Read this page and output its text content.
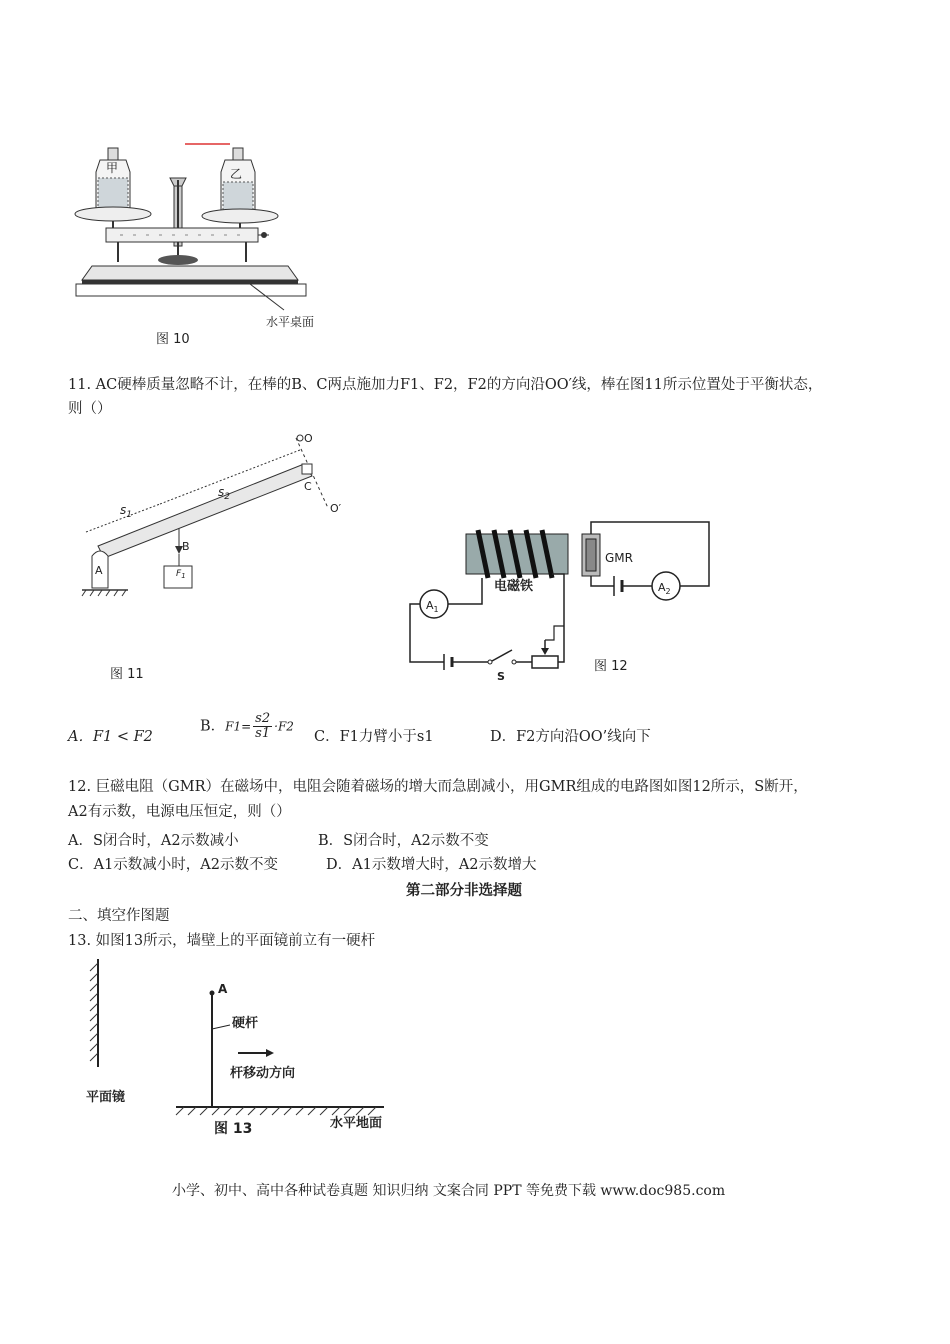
甲	乙
水平桌面
图 10
11. AC硬棒质量忽略不计，在棒的B、C两点施加力F1、F2，F2的方向沿OO′线，棒在图11所示位置处于平衡状态，
则（）
O
O′
C
$s_1$
$s_2$
B
$F_1$
A
图 11
电磁铁
GMR
$A_2$
$A_1$
S
图 12
A．F1 < F2
B．$F1= \frac{s2}{s1} \cdot F2$
C．F1力臂小于s1	D．F2方向沿OO’线向下
12. 巨磁电阻（GMR）在磁场中，电阻会随着磁场的增大而急剧减小，用GMR组成的电路图如图12所示，S断开，
A2有示数，电源电压恒定，则（）
A．S闭合时，A2示数减小	B．S闭合时，A2示数不变
C．A1示数减小时，A2示数不变	D．A1示数增大时，A2示数增大
第二部分非选择题
二、填空作图题
13. 如图13所示，墙壁上的平面镜前立有一硬杆
平面镜
A
硬杆
杆移动方向
图 13	水平地面
小学、初中、高中各种试卷真题 知识归纳 文案合同 PPT 等免费下载 www.doc985.com
